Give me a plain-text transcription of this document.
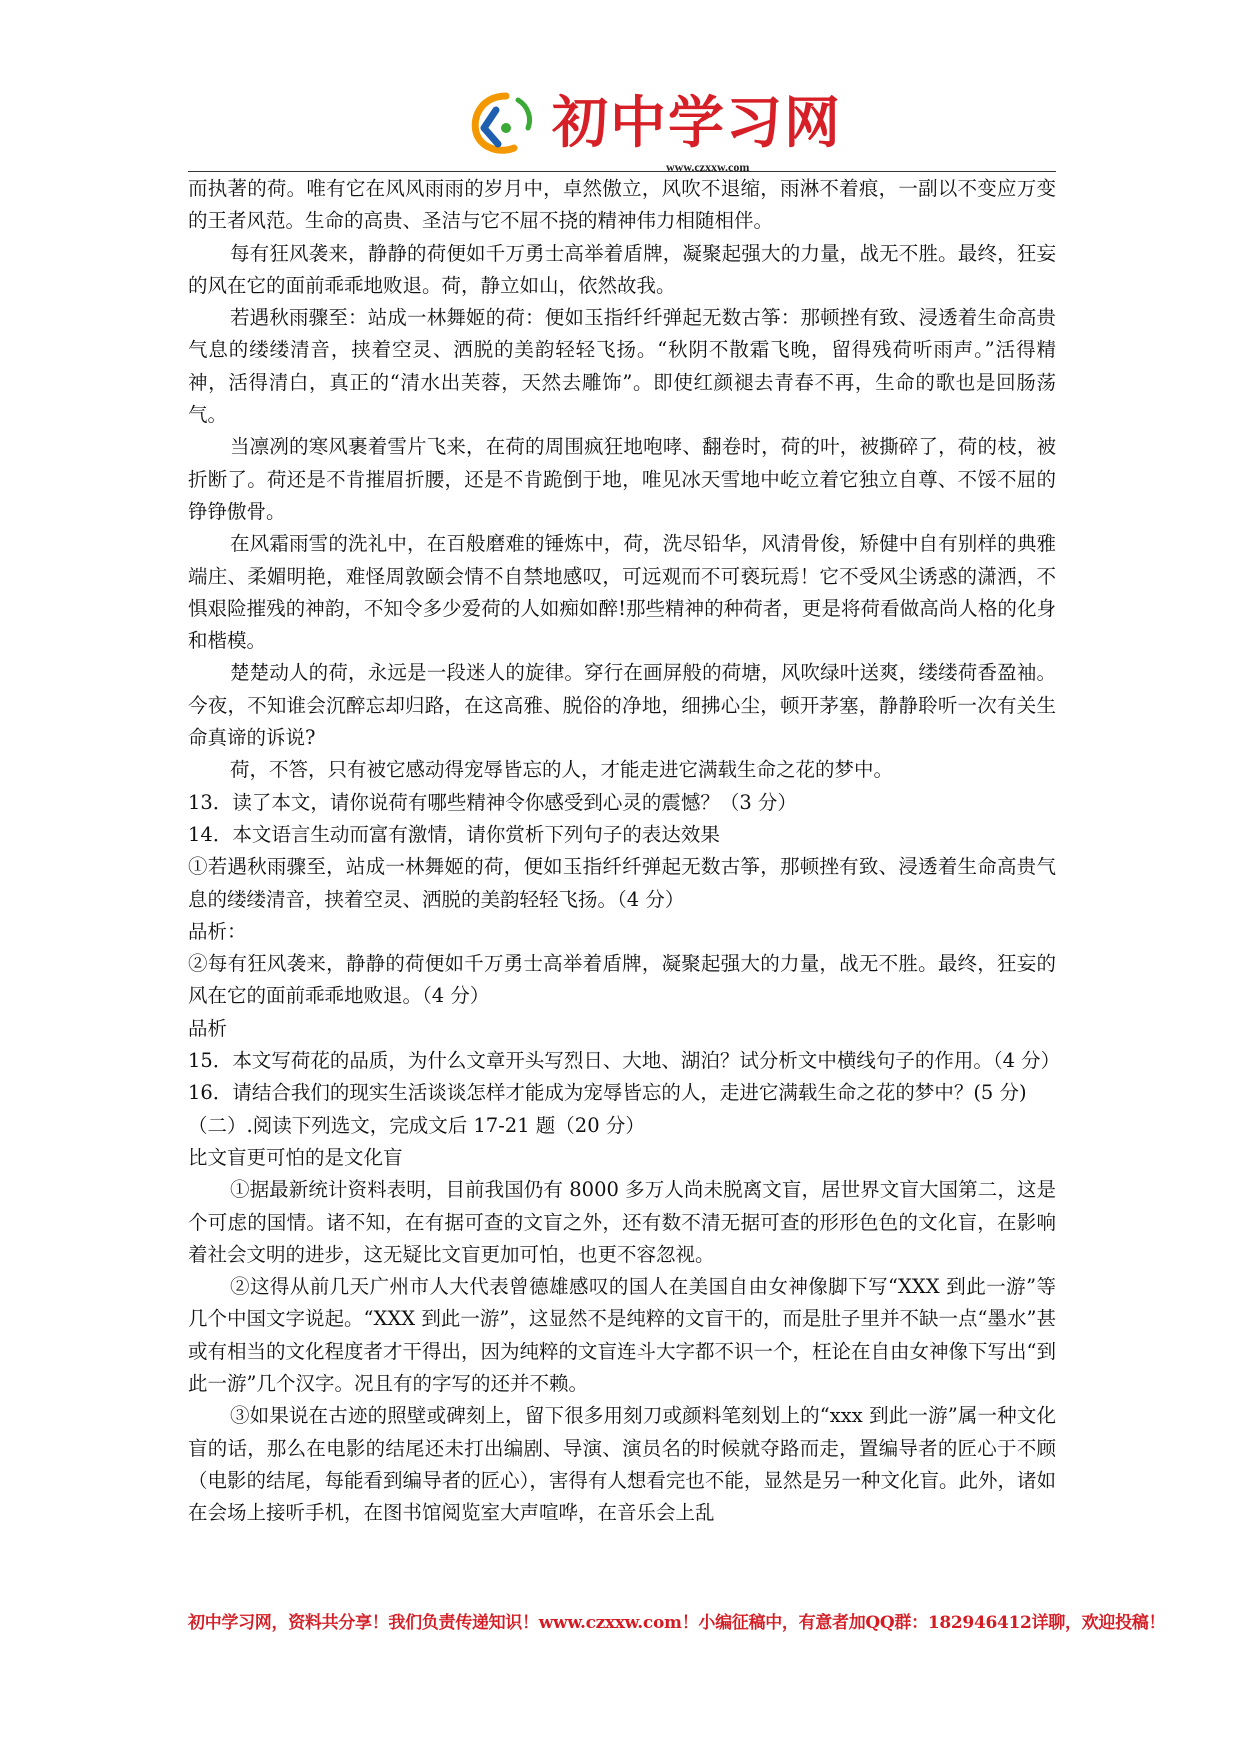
初中学习网
www.czxxw.com

而执著的荷。唯有它在风风雨雨的岁月中，卓然傲立，风吹不退缩，雨淋不着痕，一副以不变应万变的王者风范。生命的高贵、圣洁与它不屈不挠的精神伟力相随相伴。

每有狂风袭来，静静的荷便如千万勇士高举着盾牌，凝聚起强大的力量，战无不胜。最终，狂妄的风在它的面前乖乖地败退。荷，静立如山，依然故我。

若遇秋雨骤至：站成一林舞姬的荷：便如玉指纤纤弹起无数古筝：那顿挫有致、浸透着生命高贵气息的缕缕清音，挟着空灵、洒脱的美韵轻轻飞扬。“秋阴不散霜飞晚，留得残荷听雨声。”活得精神，活得清白，真正的“清水出芙蓉，天然去雕饰”。即使红颜褪去青春不再，生命的歌也是回肠荡气。

当凛冽的寒风裹着雪片飞来，在荷的周围疯狂地咆哮、翻卷时，荷的叶，被撕碎了，荷的枝，被折断了。荷还是不肯摧眉折腰，还是不肯跪倒于地，唯见冰天雪地中屹立着它独立自尊、不馁不屈的铮铮傲骨。

在风霜雨雪的洗礼中，在百般磨难的锤炼中，荷，洗尽铅华，风清骨俊，矫健中自有别样的典雅端庄、柔媚明艳，难怪周敦颐会情不自禁地感叹，可远观而不可亵玩焉！它不受风尘诱惑的潇洒，不惧艰险摧残的神韵，不知令多少爱荷的人如痴如醉!那些精神的种荷者，更是将荷看做高尚人格的化身和楷模。

楚楚动人的荷，永远是一段迷人的旋律。穿行在画屏般的荷塘，风吹绿叶送爽，缕缕荷香盈袖。今夜，不知谁会沉醉忘却归路，在这高雅、脱俗的净地，细拂心尘，顿开茅塞，静静聆听一次有关生命真谛的诉说?

荷，不答，只有被它感动得宠辱皆忘的人，才能走进它满载生命之花的梦中。

13．读了本文，请你说荷有哪些精神令你感受到心灵的震憾？（3 分）

14．本文语言生动而富有激情，请你赏析下列句子的表达效果

①若遇秋雨骤至，站成一林舞姬的荷，便如玉指纤纤弹起无数古筝，那顿挫有致、浸透着生命高贵气息的缕缕清音，挟着空灵、洒脱的美韵轻轻飞扬。（4 分）

品析：

②每有狂风袭来，静静的荷便如千万勇士高举着盾牌，凝聚起强大的力量，战无不胜。最终，狂妄的风在它的面前乖乖地败退。（4 分）

品析

15．本文写荷花的品质，为什么文章开头写烈日、大地、湖泊？试分析文中横线句子的作用。（4 分）

16．请结合我们的现实生活谈谈怎样才能成为宠辱皆忘的人，走进它满载生命之花的梦中？(5 分)

（二）.阅读下列选文，完成文后 17-21 题（20 分）

比文盲更可怕的是文化盲

①据最新统计资料表明，目前我国仍有 8000 多万人尚未脱离文盲，居世界文盲大国第二，这是个可虑的国情。诸不知，在有据可查的文盲之外，还有数不清无据可查的形形色色的文化盲，在影响着社会文明的进步，这无疑比文盲更加可怕，也更不容忽视。

②这得从前几天广州市人大代表曾德雄感叹的国人在美国自由女神像脚下写“XXX 到此一游”等几个中国文字说起。“XXX 到此一游”，这显然不是纯粹的文盲干的，而是肚子里并不缺一点“墨水”甚或有相当的文化程度者才干得出，因为纯粹的文盲连斗大字都不识一个，枉论在自由女神像下写出“到此一游”几个汉字。况且有的字写的还并不赖。

③如果说在古迹的照壁或碑刻上，留下很多用刻刀或颜料笔刻划上的“xxx 到此一游”属一种文化盲的话，那么在电影的结尾还未打出编剧、导演、演员名的时候就夺路而走，置编导者的匠心于不顾（电影的结尾，每能看到编导者的匠心），害得有人想看完也不能，显然是另一种文化盲。此外，诸如在会场上接听手机，在图书馆阅览室大声喧哗，在音乐会上乱

初中学习网，资料共分享！我们负责传递知识！www.czxxw.com！小编征稿中，有意者加QQ群：182946412详聊，欢迎投稿！
